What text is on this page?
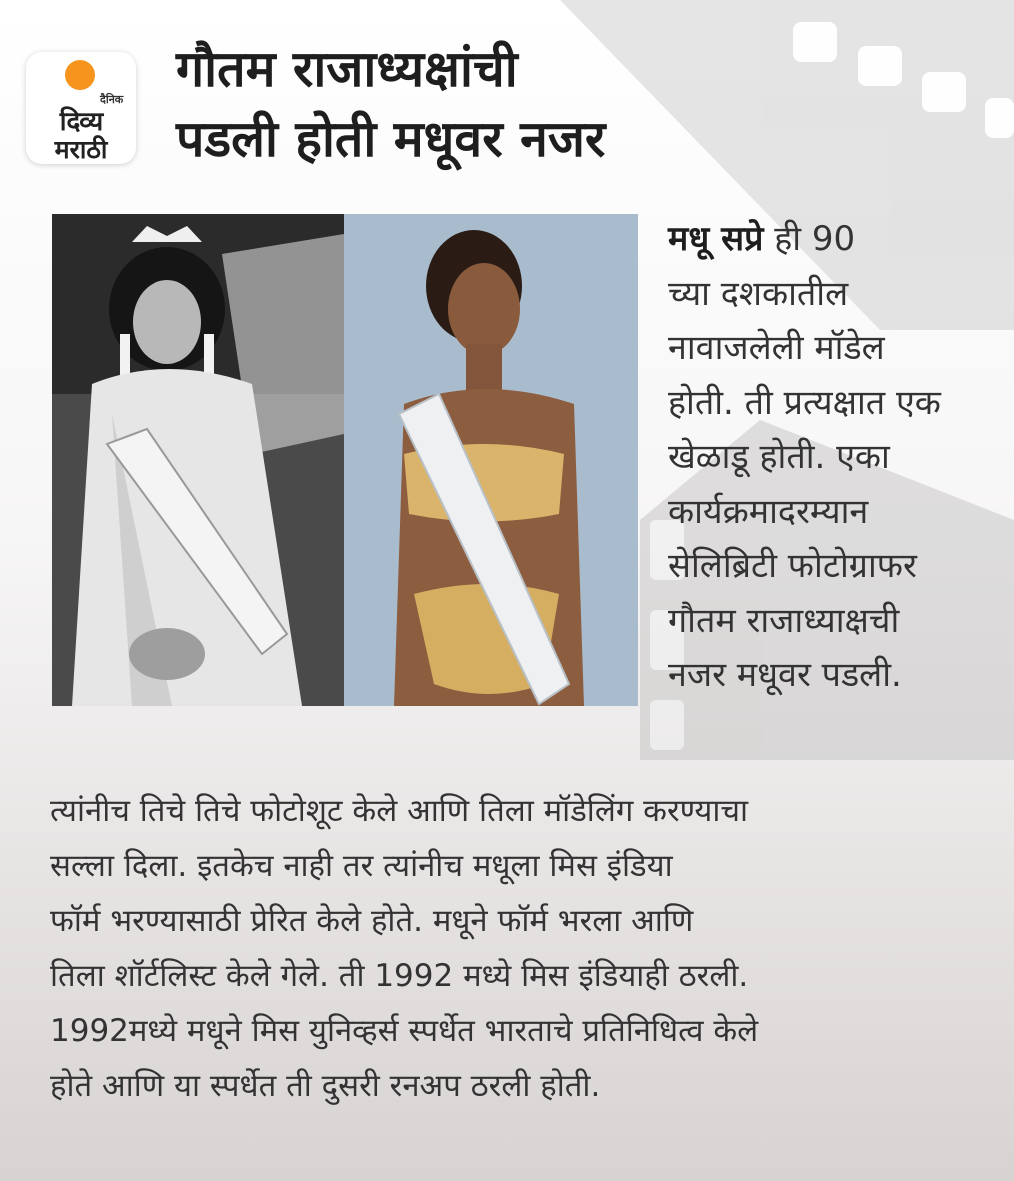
दैनिक
दिव्य
मराठी
गौतम राजाध्यक्षांची
पडली होती मधूवर नजर
मधू सप्रे ही 90
च्या दशकातील
नावाजलेली मॉडेल
होती. ती प्रत्यक्षात एक
खेळाडू होती. एका
कार्यक्रमादरम्यान
सेलिब्रिटी फोटोग्राफर
गौतम राजाध्याक्षची
नजर मधूवर पडली.
त्यांनीच तिचे तिचे फोटोशूट केले आणि तिला मॉडेलिंग करण्याचा
सल्ला दिला. इतकेच नाही तर त्यांनीच मधूला मिस इंडिया
फॉर्म भरण्यासाठी प्रेरित केले होते. मधूने फॉर्म भरला आणि
तिला शॉर्टलिस्ट केले गेले. ती 1992 मध्ये मिस इंडियाही ठरली.
1992मध्ये मधूने मिस युनिव्हर्स स्पर्धेत भारताचे प्रतिनिधित्व केले
होते आणि या स्पर्धेत ती दुसरी रनअप ठरली होती.
